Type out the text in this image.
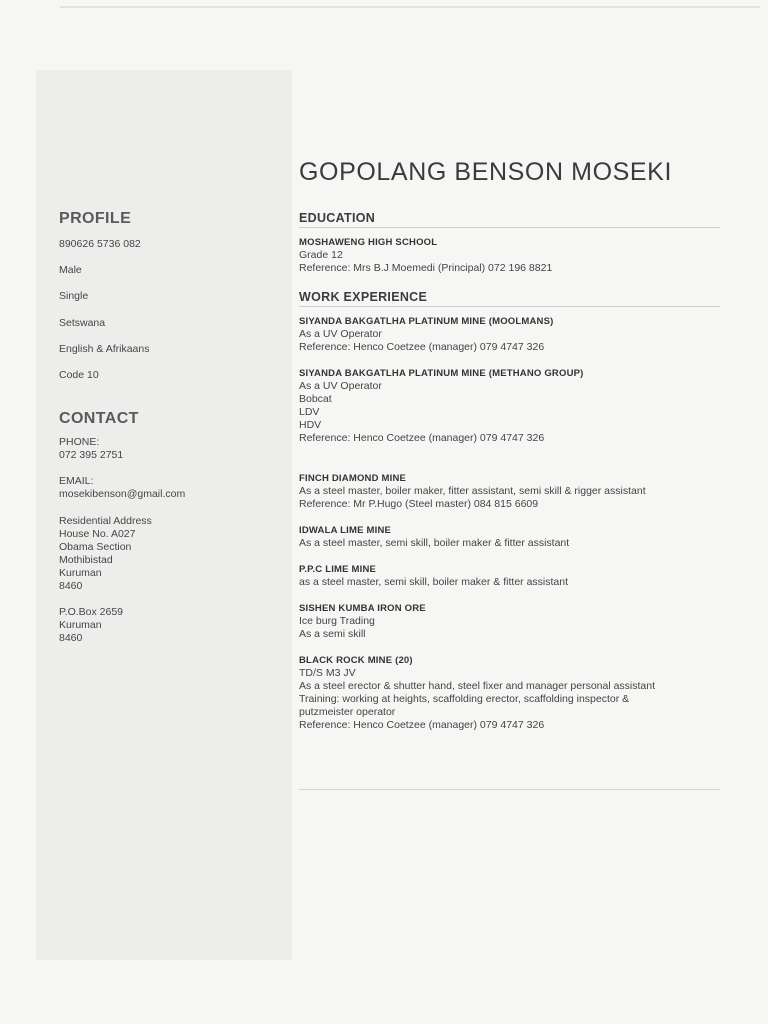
GOPOLANG BENSON MOSEKI
PROFILE

890626 5736 082

Male

Single

Setswana

English & Afrikaans

Code 10

CONTACT

PHONE:

072 395 2751

EMAIL:

mosekibenson@gmail.com

Residential Address

House No. A027

Obama Section

Mothibistad

Kuruman

8460

P.O.Box 2659

Kuruman

8460

EDUCATION

MOSHAWENG HIGH SCHOOL

Grade 12

Reference: Mrs B.J Moemedi (Principal) 072 196 8821

WORK EXPERIENCE

SIYANDA BAKGATLHA PLATINUM MINE (MOOLMANS)

As a UV Operator

Reference: Henco Coetzee (manager) 079 4747 326

SIYANDA BAKGATLHA PLATINUM MINE (METHANO GROUP)

As a UV Operator

Bobcat

LDV

HDV

Reference: Henco Coetzee (manager) 079 4747 326

FINCH DIAMOND MINE

As a steel master, boiler maker, fitter assistant, semi skill & rigger assistant

Reference: Mr P.Hugo (Steel master) 084 815 6609

IDWALA LIME MINE

As a steel master, semi skill, boiler maker & fitter assistant

P.P.C LIME MINE

as a steel master, semi skill, boiler maker & fitter assistant

SISHEN KUMBA IRON ORE

Ice burg Trading

As a semi skill

BLACK ROCK MINE (20)

TD/S M3 JV

As a steel erector & shutter hand, steel fixer and manager personal assistant

Training: working at heights, scaffolding erector, scaffolding inspector &

putzmeister operator

Reference: Henco Coetzee (manager) 079 4747 326
